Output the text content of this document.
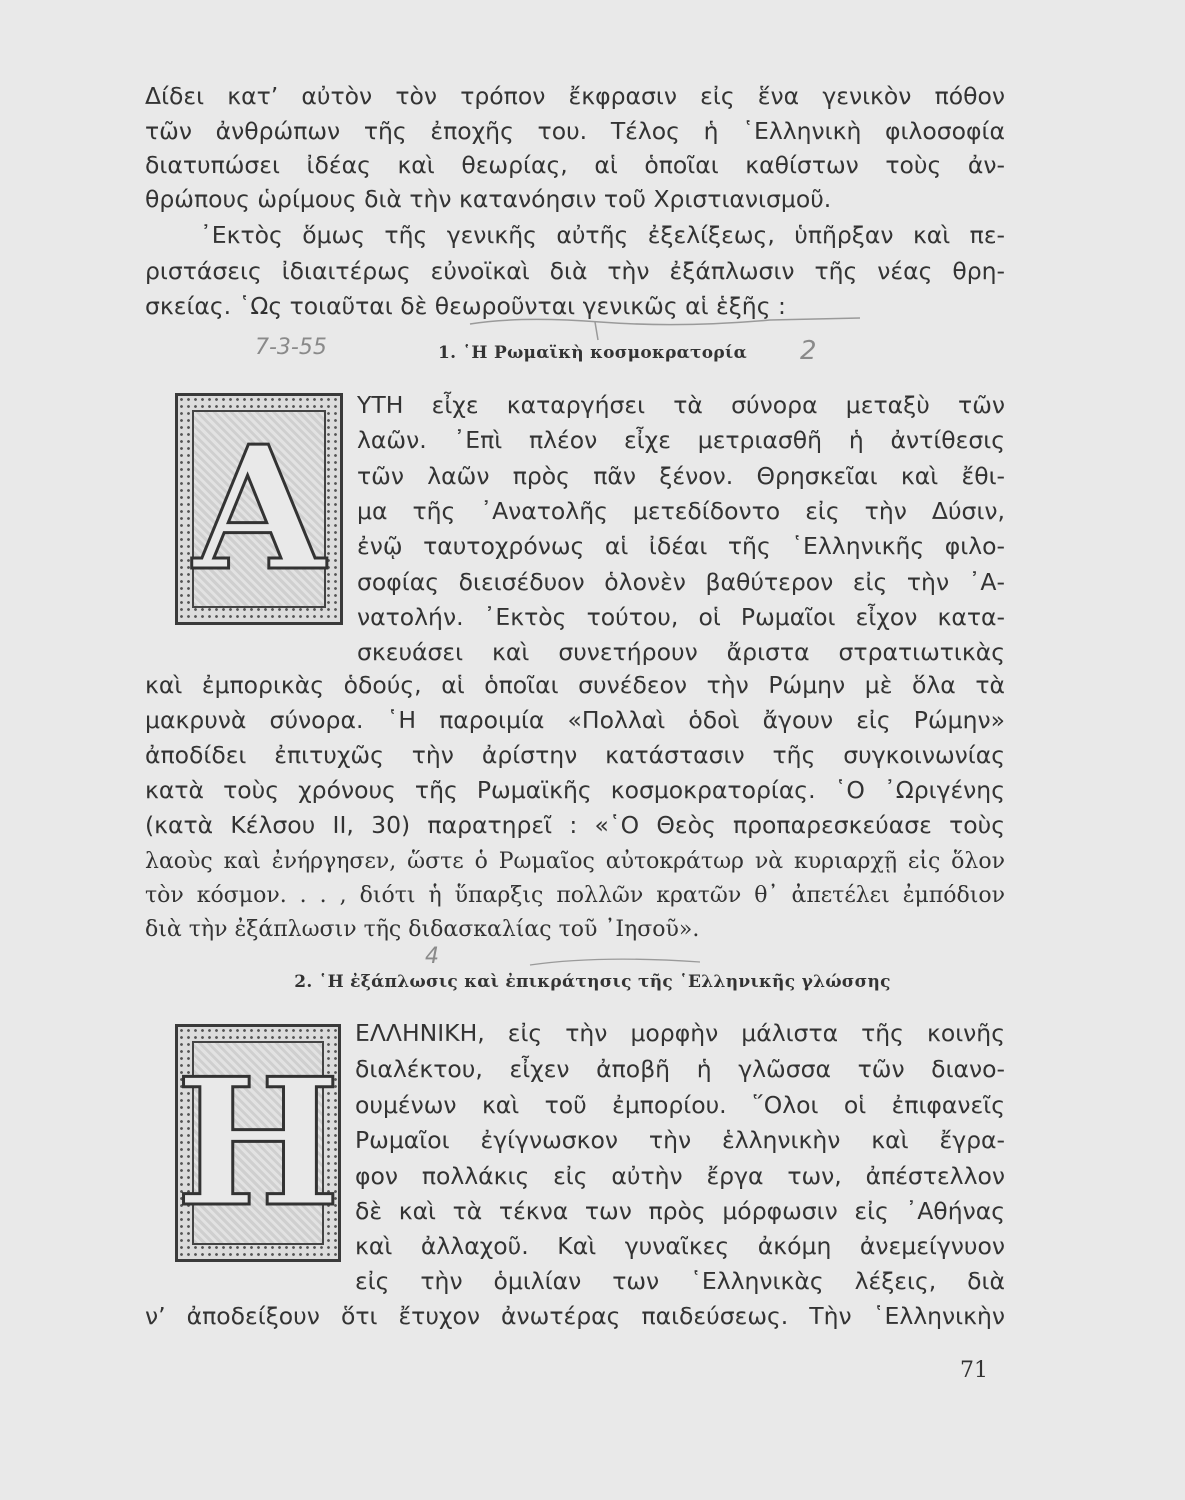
Δίδει κατ’ αὐτὸν τὸν τρόπον ἔκφρασιν εἰς ἕνα γενικὸν πόθον
τῶν ἀνθρώπων τῆς ἐποχῆς του. Τέλος ἡ ῾Ελληνικὴ φιλοσοφία
διατυπώσει ἰδέας καὶ θεωρίας, αἱ ὁποῖαι καθίστων τοὺς ἀν-
θρώπους ὡρίμους διὰ τὴν κατανόησιν τοῦ Χριστιανισμοῦ.
᾿Εκτὸς ὅμως τῆς γενικῆς αὐτῆς ἐξελίξεως, ὑπῆρξαν καὶ πε-
ριστάσεις ἰδιαιτέρως εὐνοϊκαὶ διὰ τὴν ἐξάπλωσιν τῆς νέας θρη-
σκείας. ῾Ως τοιαῦται δὲ θεωροῦνται γενικῶς αἱ ἑξῆς :
1. ῾Η Ρωμαϊκὴ κοσμοκρατορία
Α
ΥΤΗ εἶχε καταργήσει τὰ σύνορα μεταξὺ τῶν
λαῶν. ᾿Επὶ πλέον εἶχε μετριασθῆ ἡ ἀντίθεσις
τῶν λαῶν πρὸς πᾶν ξένον. Θρησκεῖαι καὶ ἔθι-
μα τῆς ᾿Ανατολῆς μετεδίδοντο εἰς τὴν Δύσιν,
ἐνῷ ταυτοχρόνως αἱ ἰδέαι τῆς ῾Ελληνικῆς φιλο-
σοφίας διεισέδυον ὁλονὲν βαθύτερον εἰς τὴν ᾿Α-
νατολήν. ᾿Εκτὸς τούτου, οἱ Ρωμαῖοι εἶχον κατα-
σκευάσει καὶ συνετήρουν ἄριστα στρατιωτικὰς
καὶ ἐμπορικὰς ὁδούς, αἱ ὁποῖαι συνέδεον τὴν Ρώμην μὲ ὅλα τὰ
μακρυνὰ σύνορα. ῾Η παροιμία «Πολλαὶ ὁδοὶ ἄγουν εἰς Ρώμην»
ἀποδίδει ἐπιτυχῶς τὴν ἀρίστην κατάστασιν τῆς συγκοινωνίας
κατὰ τοὺς χρόνους τῆς Ρωμαϊκῆς κοσμοκρατορίας. ῾Ο ᾿Ωριγένης
(κατὰ Κέλσου ΙΙ, 30) παρατηρεῖ : «῾Ο Θεὸς προπαρεσκεύασε τοὺς
λαοὺς καὶ ἐνήργησεν, ὥστε ὁ Ρωμαῖος αὐτοκράτωρ νὰ κυριαρχῇ εἰς ὅλον
τὸν κόσμον. . . , διότι ἡ ὕπαρξις πολλῶν κρατῶν θ᾿ ἀπετέλει ἐμπόδιον
διὰ τὴν ἐξάπλωσιν τῆς διδασκαλίας τοῦ ᾿Ιησοῦ».
2. ῾Η ἐξάπλωσις καὶ ἐπικράτησις τῆς ῾Ελληνικῆς γλώσσης
Η
ΕΛΛΗΝΙΚΗ, εἰς τὴν μορφὴν μάλιστα τῆς κοινῆς
διαλέκτου, εἶχεν ἀποβῆ ἡ γλῶσσα τῶν διανο-
ουμένων καὶ τοῦ ἐμπορίου. ῞Ολοι οἱ ἐπιφανεῖς
Ρωμαῖοι ἐγίγνωσκον τὴν ἑλληνικὴν καὶ ἔγρα-
φον πολλάκις εἰς αὐτὴν ἔργα των, ἀπέστελλον
δὲ καὶ τὰ τέκνα των πρὸς μόρφωσιν εἰς ᾿Αθήνας
καὶ ἀλλαχοῦ. Καὶ γυναῖκες ἀκόμη ἀνεμείγνυον
εἰς τὴν ὁμιλίαν των ῾Ελληνικὰς λέξεις, διὰ
ν’ ἀποδείξουν ὅτι ἔτυχον ἀνωτέρας παιδεύσεως. Τὴν ῾Ελληνικὴν
7-3-55	2
4
71
